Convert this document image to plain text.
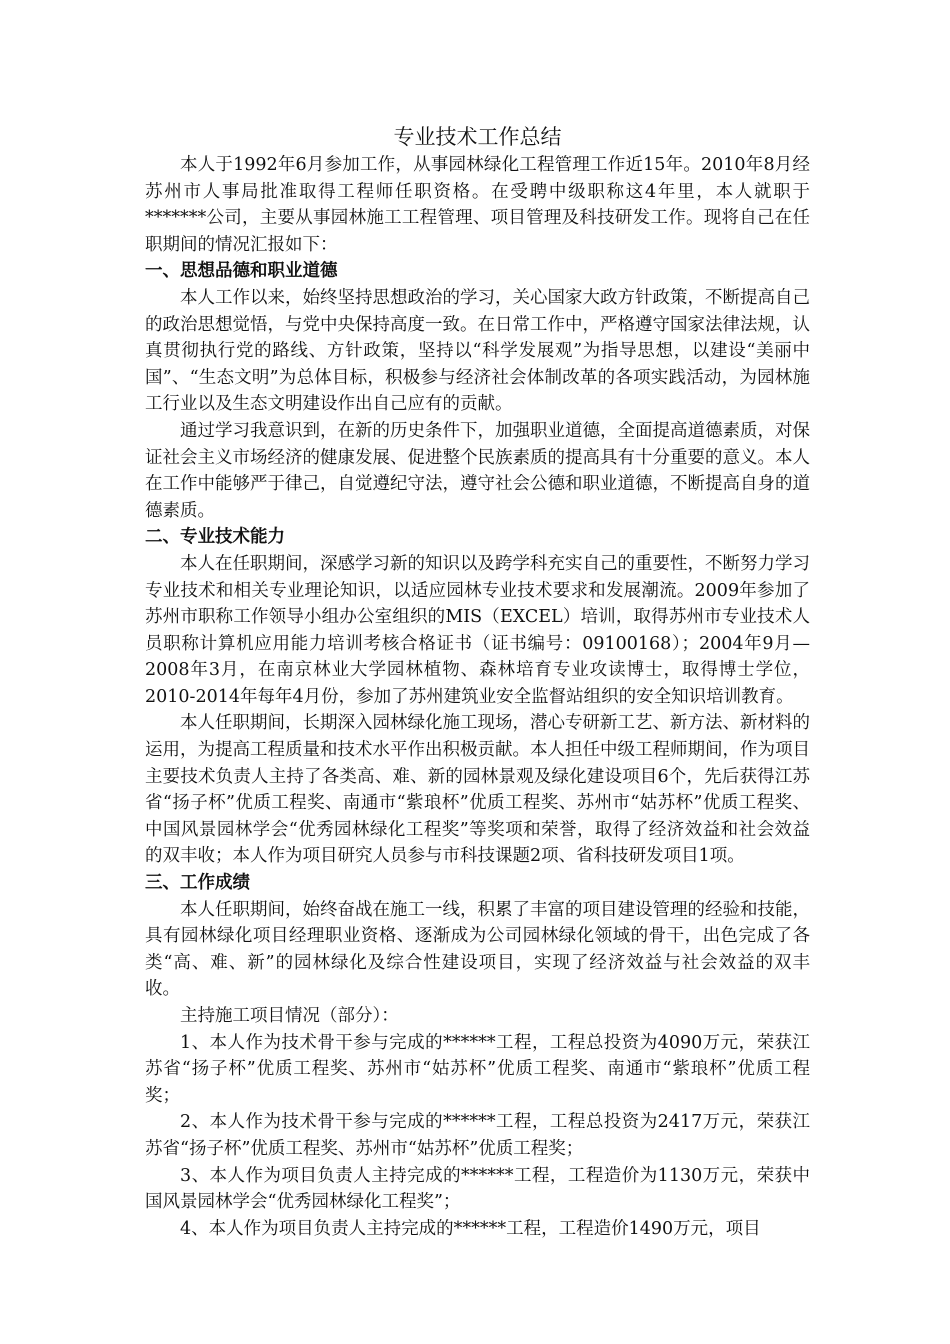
专业技术工作总结

本人于1992年6月参加工作，从事园林绿化工程管理工作近15年。2010年8月经苏州市人事局批准取得工程师任职资格。在受聘中级职称这4年里，本人就职于*******公司，主要从事园林施工工程管理、项目管理及科技研发工作。现将自己在任职期间的情况汇报如下：

一、思想品德和职业道德

本人工作以来，始终坚持思想政治的学习，关心国家大政方针政策，不断提高自己的政治思想觉悟，与党中央保持高度一致。在日常工作中，严格遵守国家法律法规，认真贯彻执行党的路线、方针政策，坚持以“科学发展观”为指导思想，以建设“美丽中国”、“生态文明”为总体目标，积极参与经济社会体制改革的各项实践活动，为园林施工行业以及生态文明建设作出自己应有的贡献。

通过学习我意识到，在新的历史条件下，加强职业道德，全面提高道德素质，对保证社会主义市场经济的健康发展、促进整个民族素质的提高具有十分重要的意义。本人在工作中能够严于律己，自觉遵纪守法，遵守社会公德和职业道德，不断提高自身的道德素质。

二、专业技术能力

本人在任职期间，深感学习新的知识以及跨学科充实自己的重要性，不断努力学习专业技术和相关专业理论知识，以适应园林专业技术要求和发展潮流。2009年参加了苏州市职称工作领导小组办公室组织的MIS（EXCEL）培训，取得苏州市专业技术人员职称计算机应用能力培训考核合格证书（证书编号：09100168）；2004年9月—2008年3月，在南京林业大学园林植物、森林培育专业攻读博士，取得博士学位，2010-2014年每年4月份，参加了苏州建筑业安全监督站组织的安全知识培训教育。

本人任职期间，长期深入园林绿化施工现场，潜心专研新工艺、新方法、新材料的运用，为提高工程质量和技术水平作出积极贡献。本人担任中级工程师期间，作为项目主要技术负责人主持了各类高、难、新的园林景观及绿化建设项目6个，先后获得江苏省“扬子杯”优质工程奖、南通市“紫琅杯”优质工程奖、苏州市“姑苏杯”优质工程奖、中国风景园林学会“优秀园林绿化工程奖”等奖项和荣誉，取得了经济效益和社会效益的双丰收；本人作为项目研究人员参与市科技课题2项、省科技研发项目1项。

三、工作成绩

本人任职期间，始终奋战在施工一线，积累了丰富的项目建设管理的经验和技能，具有园林绿化项目经理职业资格、逐渐成为公司园林绿化领域的骨干，出色完成了各类“高、难、新”的园林绿化及综合性建设项目，实现了经济效益与社会效益的双丰收。

主持施工项目情况（部分）：

1、本人作为技术骨干参与完成的******工程，工程总投资为4090万元，荣获江苏省“扬子杯”优质工程奖、苏州市“姑苏杯”优质工程奖、南通市“紫琅杯”优质工程奖；

2、本人作为技术骨干参与完成的******工程，工程总投资为2417万元，荣获江苏省“扬子杯”优质工程奖、苏州市“姑苏杯”优质工程奖；

3、本人作为项目负责人主持完成的******工程，工程造价为1130万元，荣获中国风景园林学会“优秀园林绿化工程奖”；

4、本人作为项目负责人主持完成的******工程，工程造价1490万元，项目
